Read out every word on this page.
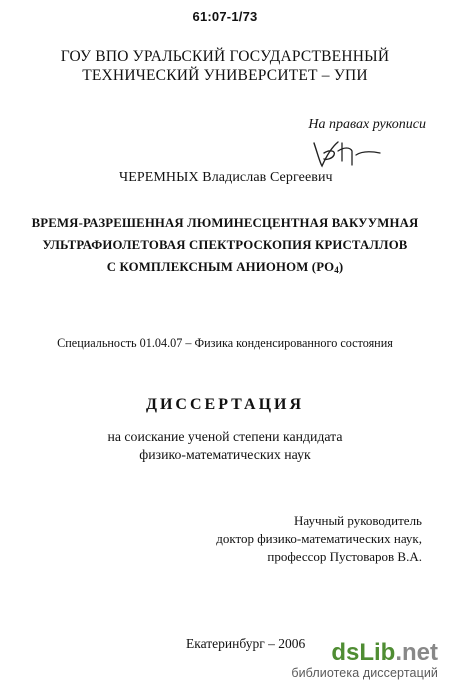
61:07-1/73
ГОУ ВПО УРАЛЬСКИЙ ГОСУДАРСТВЕННЫЙ
ТЕХНИЧЕСКИЙ УНИВЕРСИТЕТ – УПИ
На правах рукописи
ЧЕРЕМНЫХ Владислав Сергеевич
ВРЕМЯ-РАЗРЕШЕННАЯ ЛЮМИНЕСЦЕНТНАЯ ВАКУУМНАЯ
УЛЬТРАФИОЛЕТОВАЯ СПЕКТРОСКОПИЯ КРИСТАЛЛОВ
С КОМПЛЕКСНЫМ АНИОНОМ $(РО_4)$
Специальность 01.04.07 – Физика конденсированного состояния
ДИССЕРТАЦИЯ
на соискание ученой степени кандидата
физико-математических наук
Научный руководитель
доктор физико-математических наук,
профессор Пустоваров В.А.
Екатеринбург – 2006	dsLib.net
библиотека диссертаций
